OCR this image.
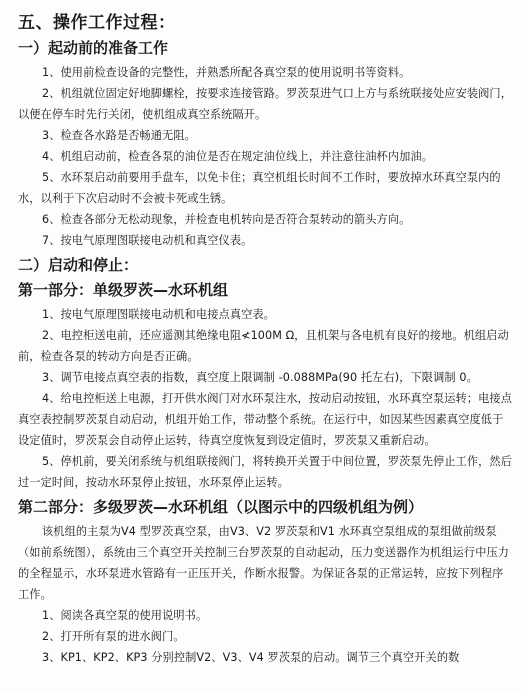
五、操作工作过程：
一）起动前的准备工作

1、使用前检查设备的完整性，并熟悉所配各真空泵的使用说明书等资料。

2、机组就位固定好地脚螺栓，按要求连接管路。罗茨泵进气口上方与系统联接处应安装阀门，以便在停车时先行关闭，使机组成真空系统隔开。

3、检查各水路是否畅通无阻。

4、机组启动前，检查各泵的油位是否在规定油位线上，并注意往油杯内加油。

5、水环泵启动前要用手盘车，以免卡住；真空机组长时间不工作时，要放掉水环真空泵内的水，以利于下次启动时不会被卡死或生锈。

6、检查各部分无松动现象，并检查电机转向是否符合泵转动的箭头方向。

7、按电气原理图联接电动机和真空仪表。

二）启动和停止：
第一部分：单级罗茨—水环机组

1、按电气原理图联接电动机和电接点真空表。

2、电控柜送电前，还应遥测其绝缘电阻≮100M Ω，且机架与各电机有良好的接地。机组启动前，检查各泵的转动方向是否正确。

3、调节电接点真空表的指数，真空度上限调制 -0.088MPa(90 托左右)，下限调制 0。

4、给电控柜送上电源，打开供水阀门对水环泵注水，按动启动按钮，水环真空泵运转；电接点真空表控制罗茨泵自动启动，机组开始工作，带动整个系统。在运行中，如因某些因素真空度低于设定值时，罗茨泵会自动停止运转，待真空度恢复到设定值时，罗茨泵又重新启动。

5、停机前，要关闭系统与机组联接阀门，将转换开关置于中间位置，罗茨泵先停止工作，然后过一定时间，按动水环泵停止按钮，水环泵停止运转。

第二部分：多级罗茨—水环机组（以图示中的四级机组为例）

该机组的主泵为V4 型罗茨真空泵，由V3、V2 罗茨泵和V1 水环真空泵组成的泵组做前级泵（如前系统图），系统由三个真空开关控制三台罗茨泵的自动起动，压力变送器作为机组运行中压力的全程显示，水环泵进水管路有一正压开关，作断水报警。为保证各泵的正常运转，应按下列程序工作。

1、阅读各真空泵的使用说明书。

2、打开所有泵的进水阀门。

3、KP1、KP2、KP3 分别控制V2、V3、V4 罗茨泵的启动。调节三个真空开关的数
